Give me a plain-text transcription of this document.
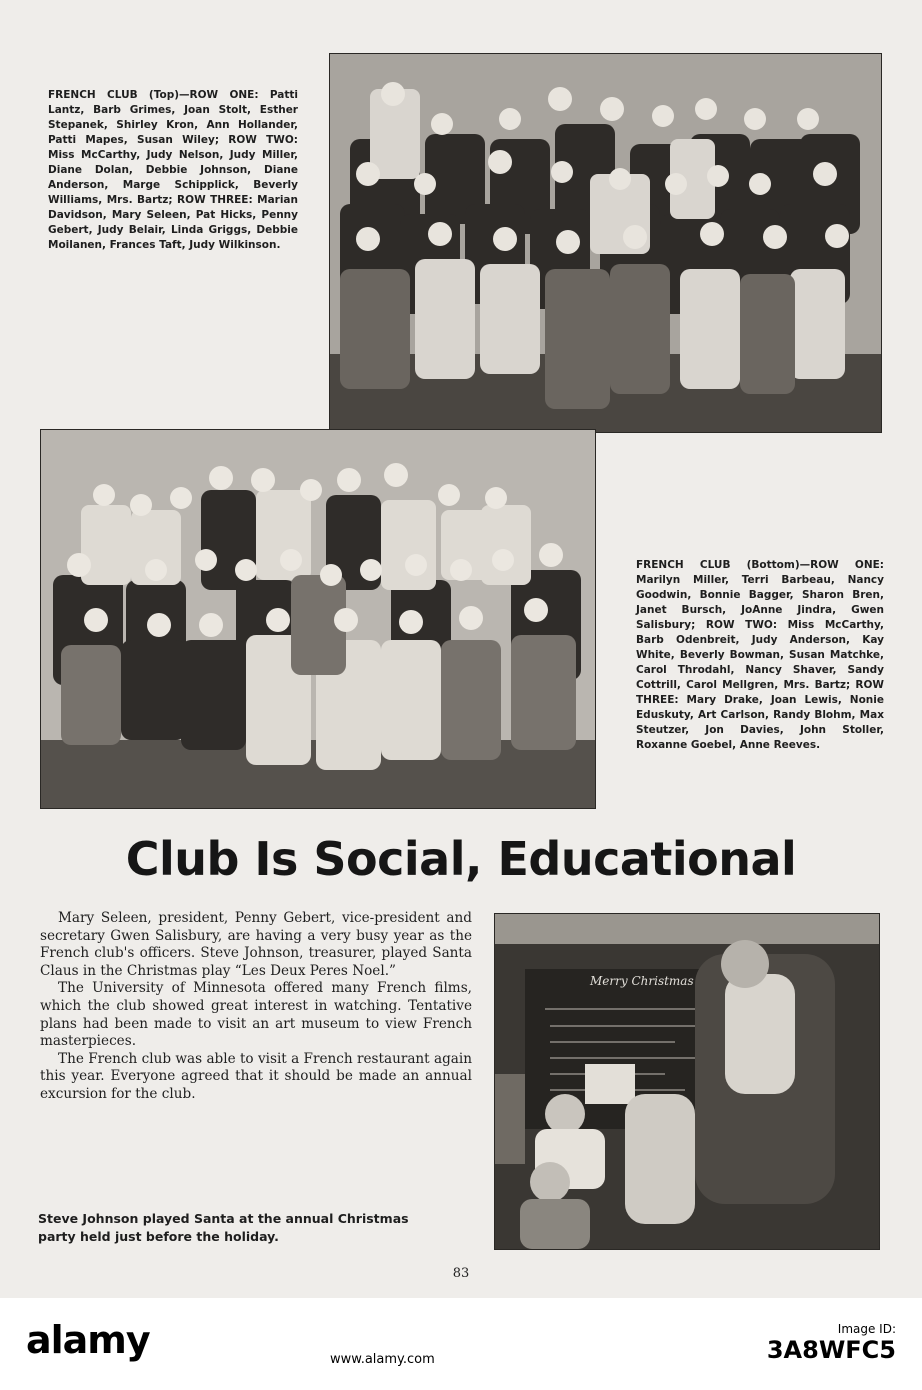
FRENCH CLUB (Top)—ROW ONE: Patti Lantz, Barb Grimes, Joan Stolt, Esther Stepanek, Shirley Kron, Ann Hollander, Patti Mapes, Susan Wiley; ROW TWO: Miss McCarthy, Judy Nelson, Judy Miller, Diane Dolan, Debbie Johnson, Diane Anderson, Marge Schipplick, Beverly Williams, Mrs. Bartz; ROW THREE: Marian Davidson, Mary Seleen, Pat Hicks, Penny Gebert, Judy Belair, Linda Griggs, Debbie Moilanen, Frances Taft, Judy Wilkinson.

FRENCH CLUB (Bottom)—ROW ONE: Marilyn Miller, Terri Barbeau, Nancy Goodwin, Bonnie Bagger, Sharon Bren, Janet Bursch, JoAnne Jindra, Gwen Salisbury; ROW TWO: Miss McCarthy, Barb Odenbreit, Judy Anderson, Kay White, Beverly Bowman, Susan Matchke, Carol Throdahl, Nancy Shaver, Sandy Cottrill, Carol Mellgren, Mrs. Bartz; ROW THREE: Mary Drake, Joan Lewis, Nonie Eduskuty, Art Carlson, Randy Blohm, Max Steutzer, Jon Davies, John Stoller, Roxanne Goebel, Anne Reeves.

Club Is Social, Educational

Mary Seleen, president, Penny Gebert, vice-president and secretary Gwen Salisbury, are having a very busy year as the French club's officers. Steve Johnson, treasurer, played Santa Claus in the Christmas play “Les Deux Peres Noel.”

The University of Minnesota offered many French films, which the club showed great interest in watching. Tentative plans had been made to visit an art museum to view French masterpieces.

The French club was able to visit a French restaurant again this year. Everyone agreed that it should be made an annual excursion for the club.

Merry Christmas

Steve Johnson played Santa at the annual Christmas party held just before the holiday.

83
alamy	www.alamy.com
Image ID:
3A8WFC5
